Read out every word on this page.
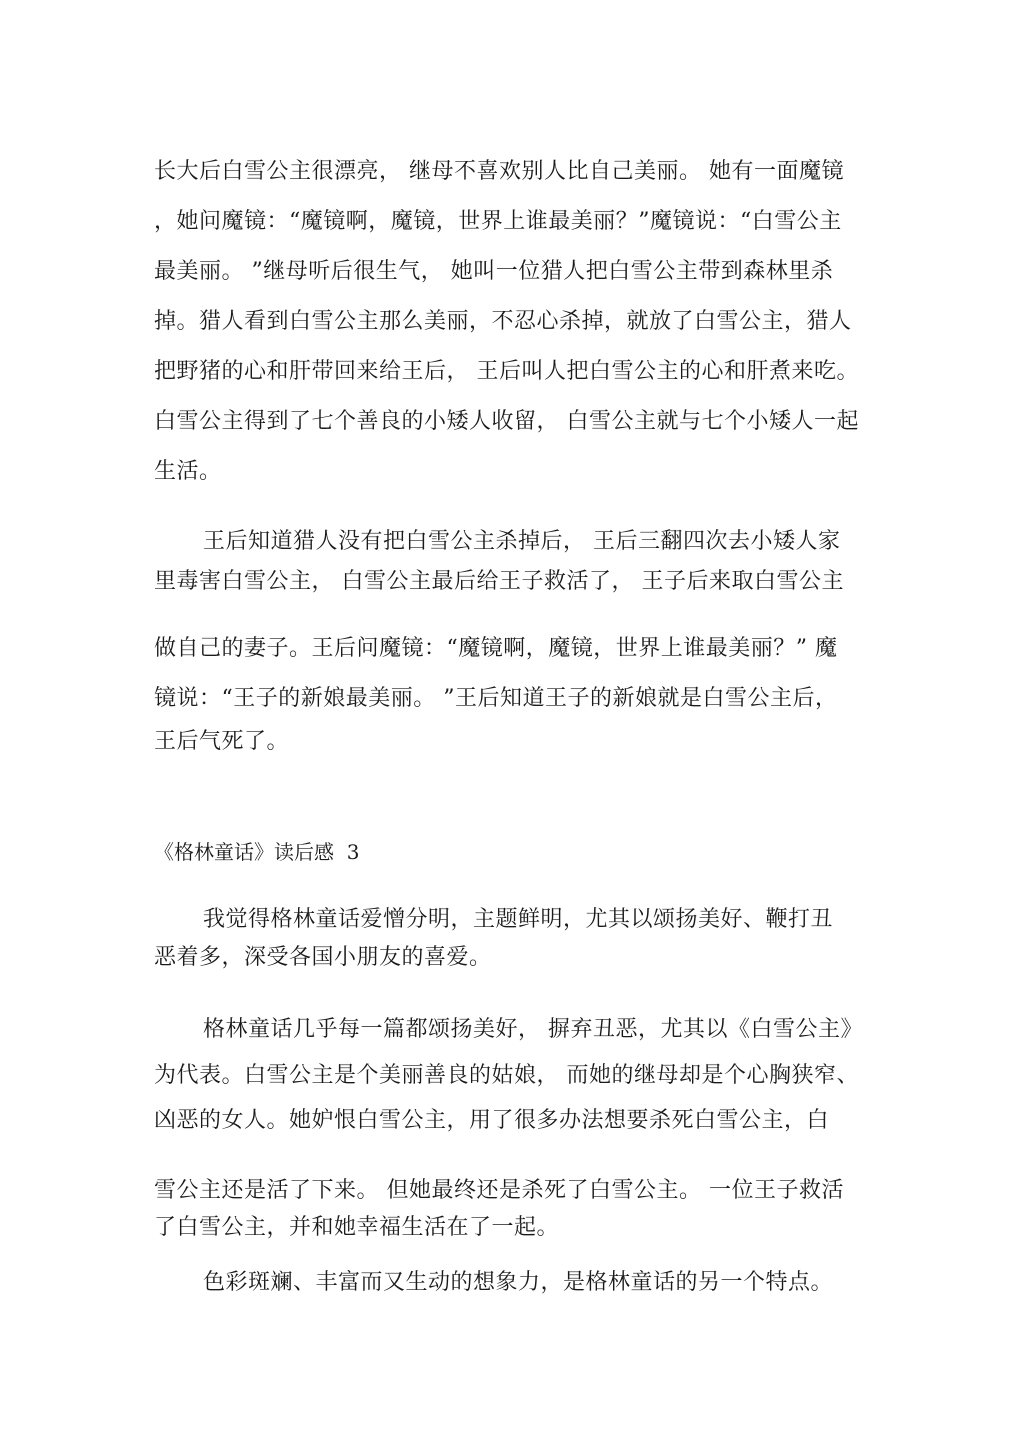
长大后白雪公主很漂亮， 继母不喜欢别人比自己美丽。 她有一面魔镜
，她问魔镜：“魔镜啊，魔镜，世界上谁最美丽？”魔镜说：“白雪公主
最美丽。 ”继母听后很生气， 她叫一位猎人把白雪公主带到森林里杀
掉。猎人看到白雪公主那么美丽，不忍心杀掉，就放了白雪公主，猎人
把野猪的心和肝带回来给王后， 王后叫人把白雪公主的心和肝煮来吃。
白雪公主得到了七个善良的小矮人收留， 白雪公主就与七个小矮人一起
生活。
王后知道猎人没有把白雪公主杀掉后， 王后三翻四次去小矮人家
里毒害白雪公主， 白雪公主最后给王子救活了， 王子后来取白雪公主
做自己的妻子。王后问魔镜：“魔镜啊，魔镜，世界上谁最美丽？” 魔
镜说：“王子的新娘最美丽。 ”王后知道王子的新娘就是白雪公主后，
王后气死了。
《格林童话》读后感  3
我觉得格林童话爱憎分明，主题鲜明，尤其以颂扬美好、鞭打丑
恶着多，深受各国小朋友的喜爱。
格林童话几乎每一篇都颂扬美好， 摒弃丑恶，尤其以《白雪公主》
为代表。白雪公主是个美丽善良的姑娘， 而她的继母却是个心胸狭窄、
凶恶的女人。她妒恨白雪公主，用了很多办法想要杀死白雪公主，白
雪公主还是活了下来。 但她最终还是杀死了白雪公主。 一位王子救活
了白雪公主，并和她幸福生活在了一起。
色彩斑斓、丰富而又生动的想象力，是格林童话的另一个特点。
